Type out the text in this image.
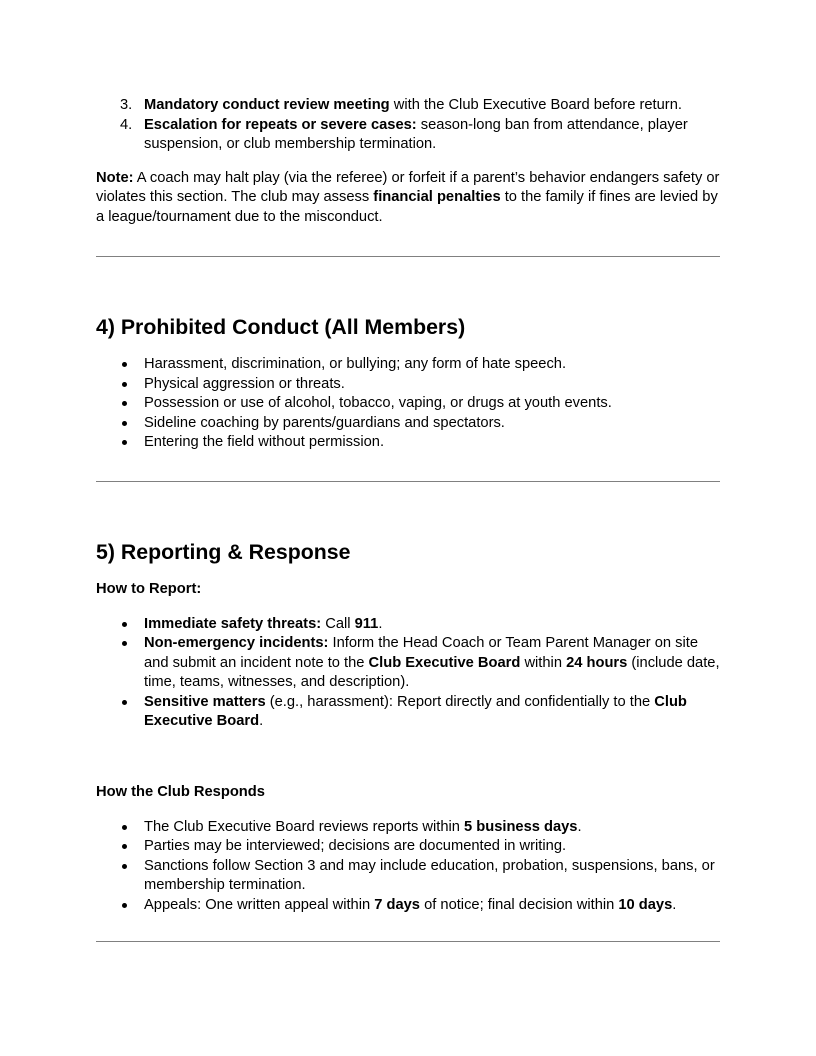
Mandatory conduct review meeting with the Club Executive Board before return.
Escalation for repeats or severe cases: season-long ban from attendance, player suspension, or club membership termination.

Note: A coach may halt play (via the referee) or forfeit if a parent’s behavior endangers safety or violates this section. The club may assess financial penalties to the family if fines are levied by a league/tournament due to the misconduct.

4) Prohibited Conduct (All Members)
Harassment, discrimination, or bullying; any form of hate speech.
Physical aggression or threats.
Possession or use of alcohol, tobacco, vaping, or drugs at youth events.
Sideline coaching by parents/guardians and spectators.
Entering the field without permission.
5) Reporting & Response

How to Report:

Immediate safety threats: Call 911.
Non-emergency incidents: Inform the Head Coach or Team Parent Manager on site and submit an incident note to the Club Executive Board within 24 hours (include date, time, teams, witnesses, and description).
Sensitive matters (e.g., harassment): Report directly and confidentially to the Club Executive Board.

How the Club Responds

The Club Executive Board reviews reports within 5 business days.
Parties may be interviewed; decisions are documented in writing.
Sanctions follow Section 3 and may include education, probation, suspensions, bans, or membership termination.
Appeals: One written appeal within 7 days of notice; final decision within 10 days.
